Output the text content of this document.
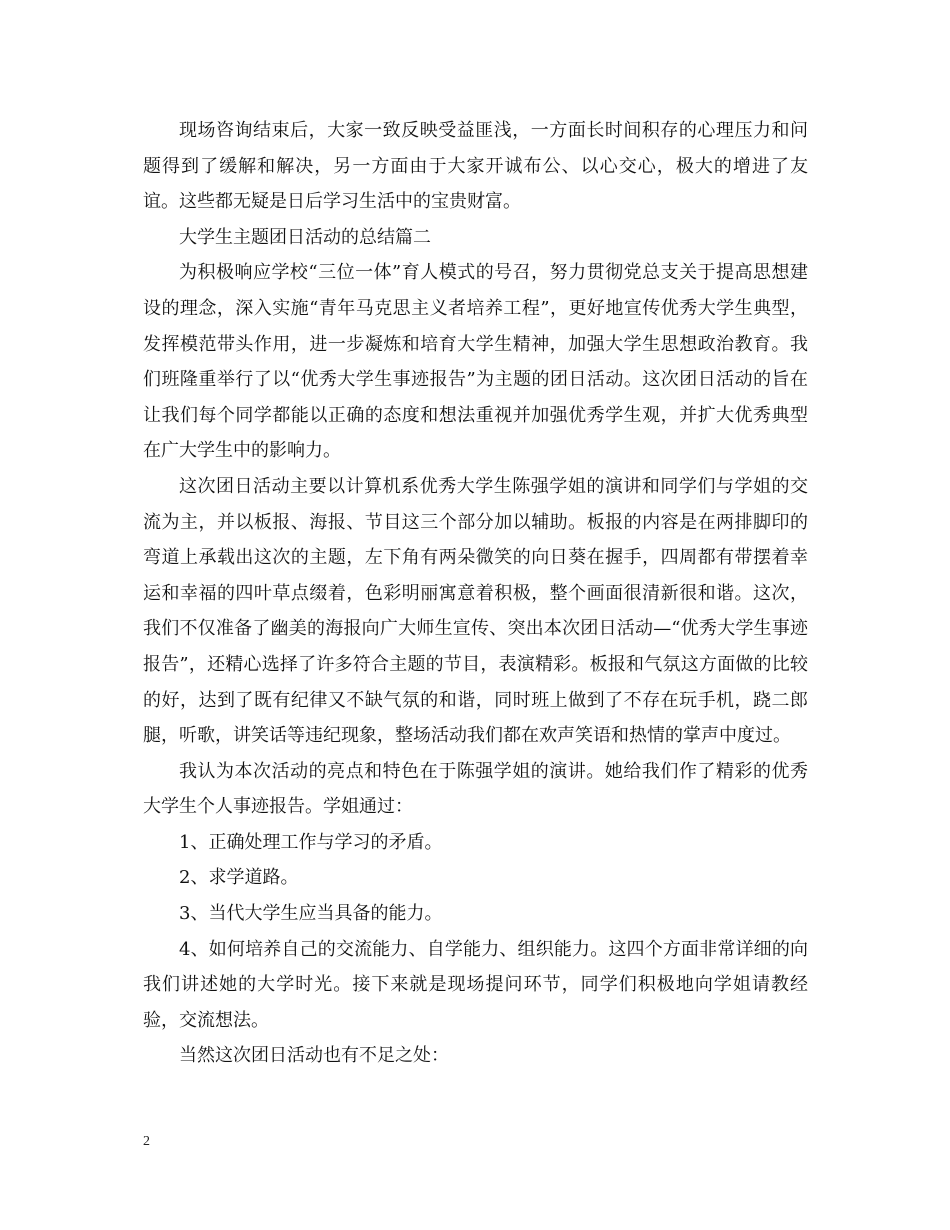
现场咨询结束后，大家一致反映受益匪浅，一方面长时间积存的心理压力和问题得到了缓解和解决，另一方面由于大家开诚布公、以心交心，极大的增进了友谊。这些都无疑是日后学习生活中的宝贵财富。

大学生主题团日活动的总结篇二

为积极响应学校“三位一体”育人模式的号召，努力贯彻党总支关于提高思想建设的理念，深入实施“青年马克思主义者培养工程”，更好地宣传优秀大学生典型，发挥模范带头作用，进一步凝炼和培育大学生精神，加强大学生思想政治教育。我们班隆重举行了以“优秀大学生事迹报告”为主题的团日活动。这次团日活动的旨在让我们每个同学都能以正确的态度和想法重视并加强优秀学生观，并扩大优秀典型在广大学生中的影响力。

这次团日活动主要以计算机系优秀大学生陈强学姐的演讲和同学们与学姐的交流为主，并以板报、海报、节目这三个部分加以辅助。板报的内容是在两排脚印的弯道上承载出这次的主题，左下角有两朵微笑的向日葵在握手，四周都有带摆着幸运和幸福的四叶草点缀着，色彩明丽寓意着积极，整个画面很清新很和谐。这次，我们不仅准备了幽美的海报向广大师生宣传、突出本次团日活动—“优秀大学生事迹报告”，还精心选择了许多符合主题的节目，表演精彩。板报和气氛这方面做的比较的好，达到了既有纪律又不缺气氛的和谐，同时班上做到了不存在玩手机，跷二郎腿，听歌，讲笑话等违纪现象，整场活动我们都在欢声笑语和热情的掌声中度过。

我认为本次活动的亮点和特色在于陈强学姐的演讲。她给我们作了精彩的优秀大学生个人事迹报告。学姐通过：

1、正确处理工作与学习的矛盾。

2、求学道路。

3、当代大学生应当具备的能力。

4、如何培养自己的交流能力、自学能力、组织能力。这四个方面非常详细的向我们讲述她的大学时光。接下来就是现场提问环节，同学们积极地向学姐请教经验，交流想法。

当然这次团日活动也有不足之处：

2
